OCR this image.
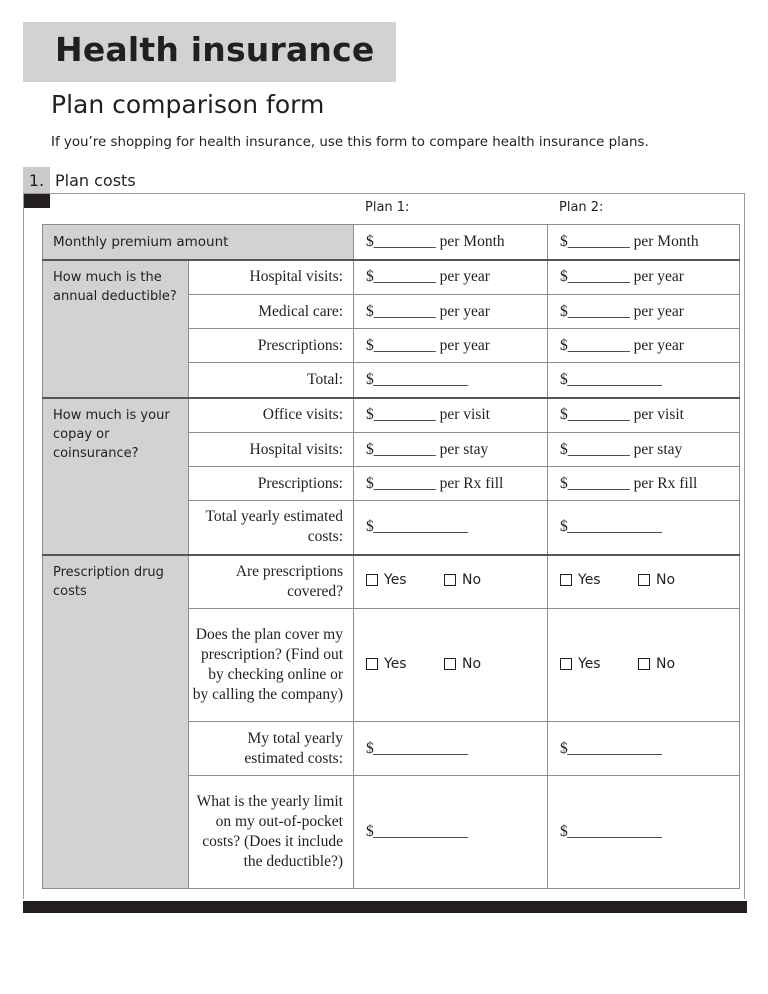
Health insurance
Plan comparison form
If you’re shopping for health insurance, use this form to compare health insurance plans.
1. Plan costs
Plan 1:	Plan 2:
Monthly premium amount		$________ per Month	$________ per Month
How much is the annual deductible?	Hospital visits:	$________ per year	$________ per year
	Medical care:	$________ per year	$________ per year
	Prescriptions:	$________ per year	$________ per year
	Total:	$_____________	$_____________
How much is your copay or coinsurance?	Office visits:	$________ per visit	$________ per visit
	Hospital visits:	$________ per stay	$________ per stay
	Prescriptions:	$________ per Rx fill	$________ per Rx fill
	Total yearly estimated costs:	$_____________	$_____________
Prescription drug costs	Are prescriptions covered?	Yes No	Yes No

	Does the plan cover my prescription? (Find out by checking online or by calling the company)	Yes No	Yes No

	My total yearly estimated costs:	$_____________	$_____________
	What is the yearly limit on my out-of-pocket costs? (Does it include the deductible?)	$_____________	$_____________
